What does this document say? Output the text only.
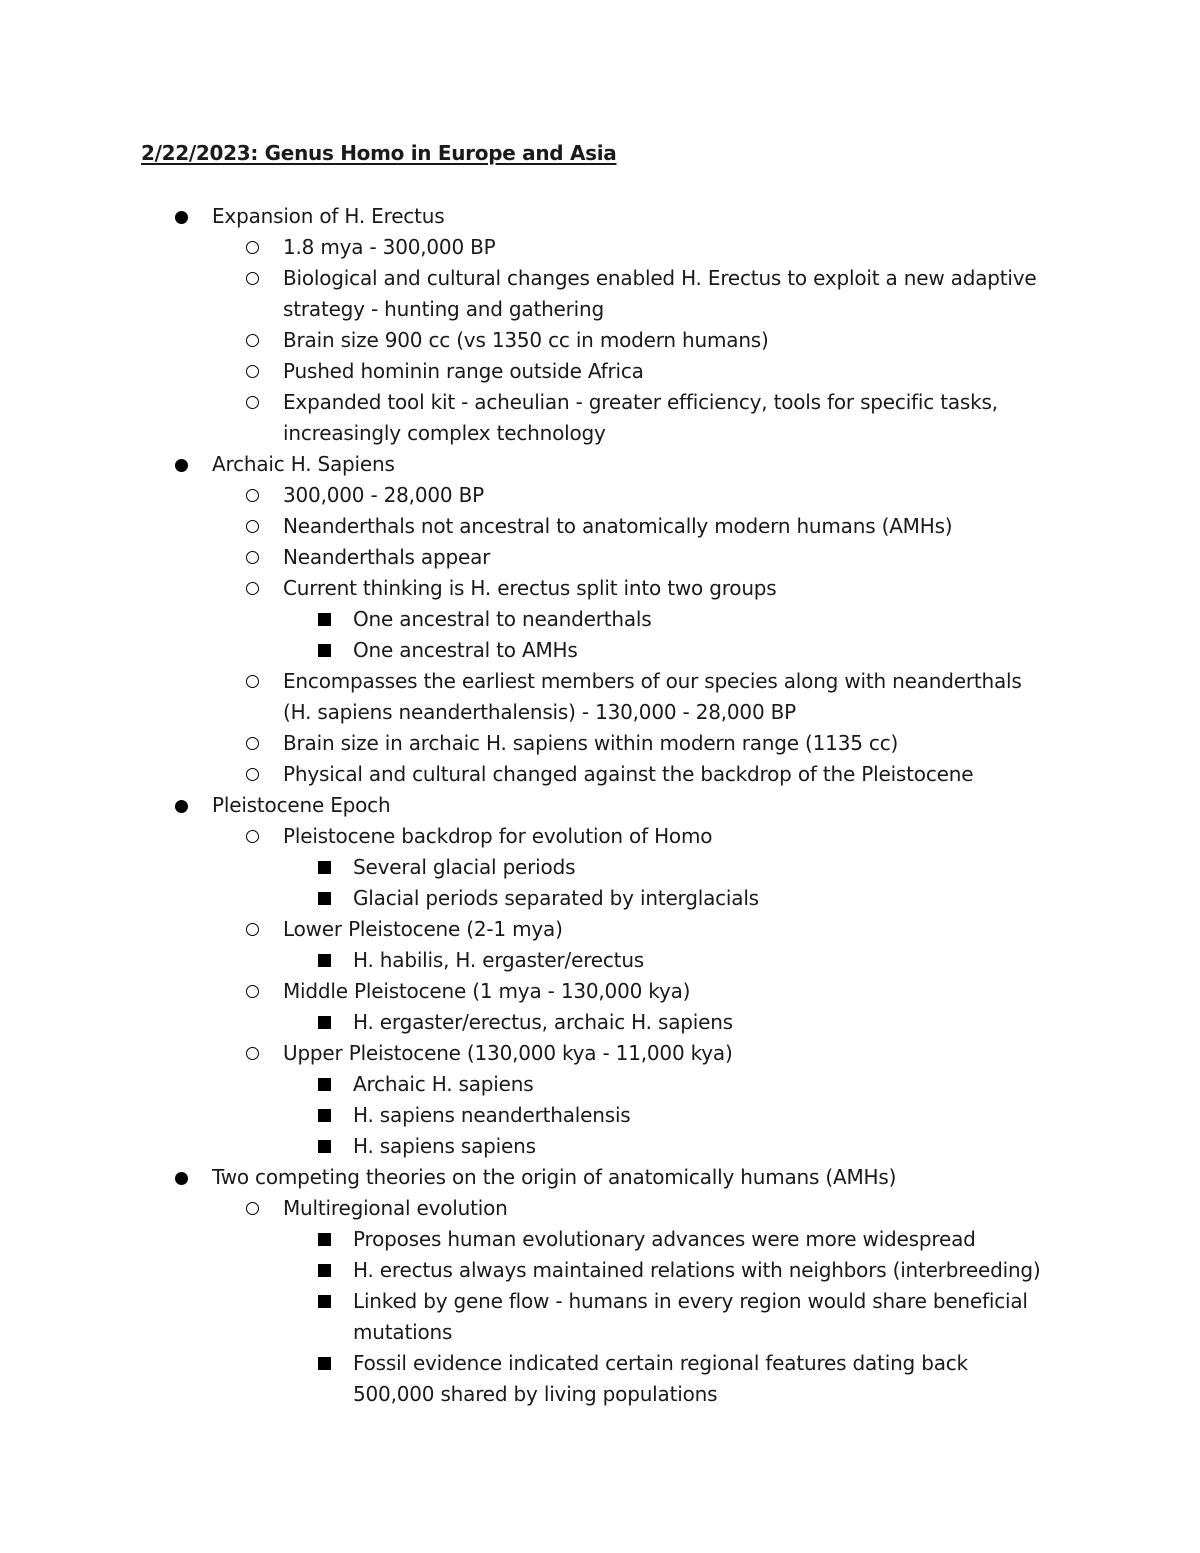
2/22/2023: Genus Homo in Europe and Asia
Expansion of H. Erectus
1.8 mya - 300,000 BP
Biological and cultural changes enabled H. Erectus to exploit a new adaptive
strategy - hunting and gathering
Brain size 900 cc (vs 1350 cc in modern humans)
Pushed hominin range outside Africa
Expanded tool kit - acheulian - greater efficiency, tools for specific tasks,
increasingly complex technology
Archaic H. Sapiens
300,000 - 28,000 BP
Neanderthals not ancestral to anatomically modern humans (AMHs)
Neanderthals appear
Current thinking is H. erectus split into two groups
One ancestral to neanderthals
One ancestral to AMHs
Encompasses the earliest members of our species along with neanderthals
(H. sapiens neanderthalensis) - 130,000 - 28,000 BP
Brain size in archaic H. sapiens within modern range (1135 cc)
Physical and cultural changed against the backdrop of the Pleistocene
Pleistocene Epoch
Pleistocene backdrop for evolution of Homo
Several glacial periods
Glacial periods separated by interglacials
Lower Pleistocene (2-1 mya)
H. habilis, H. ergaster/erectus
Middle Pleistocene (1 mya - 130,000 kya)
H. ergaster/erectus, archaic H. sapiens
Upper Pleistocene (130,000 kya - 11,000 kya)
Archaic H. sapiens
H. sapiens neanderthalensis
H. sapiens sapiens
Two competing theories on the origin of anatomically humans (AMHs)
Multiregional evolution
Proposes human evolutionary advances were more widespread
H. erectus always maintained relations with neighbors (interbreeding)
Linked by gene flow - humans in every region would share beneficial
mutations
Fossil evidence indicated certain regional features dating back
500,000 shared by living populations
